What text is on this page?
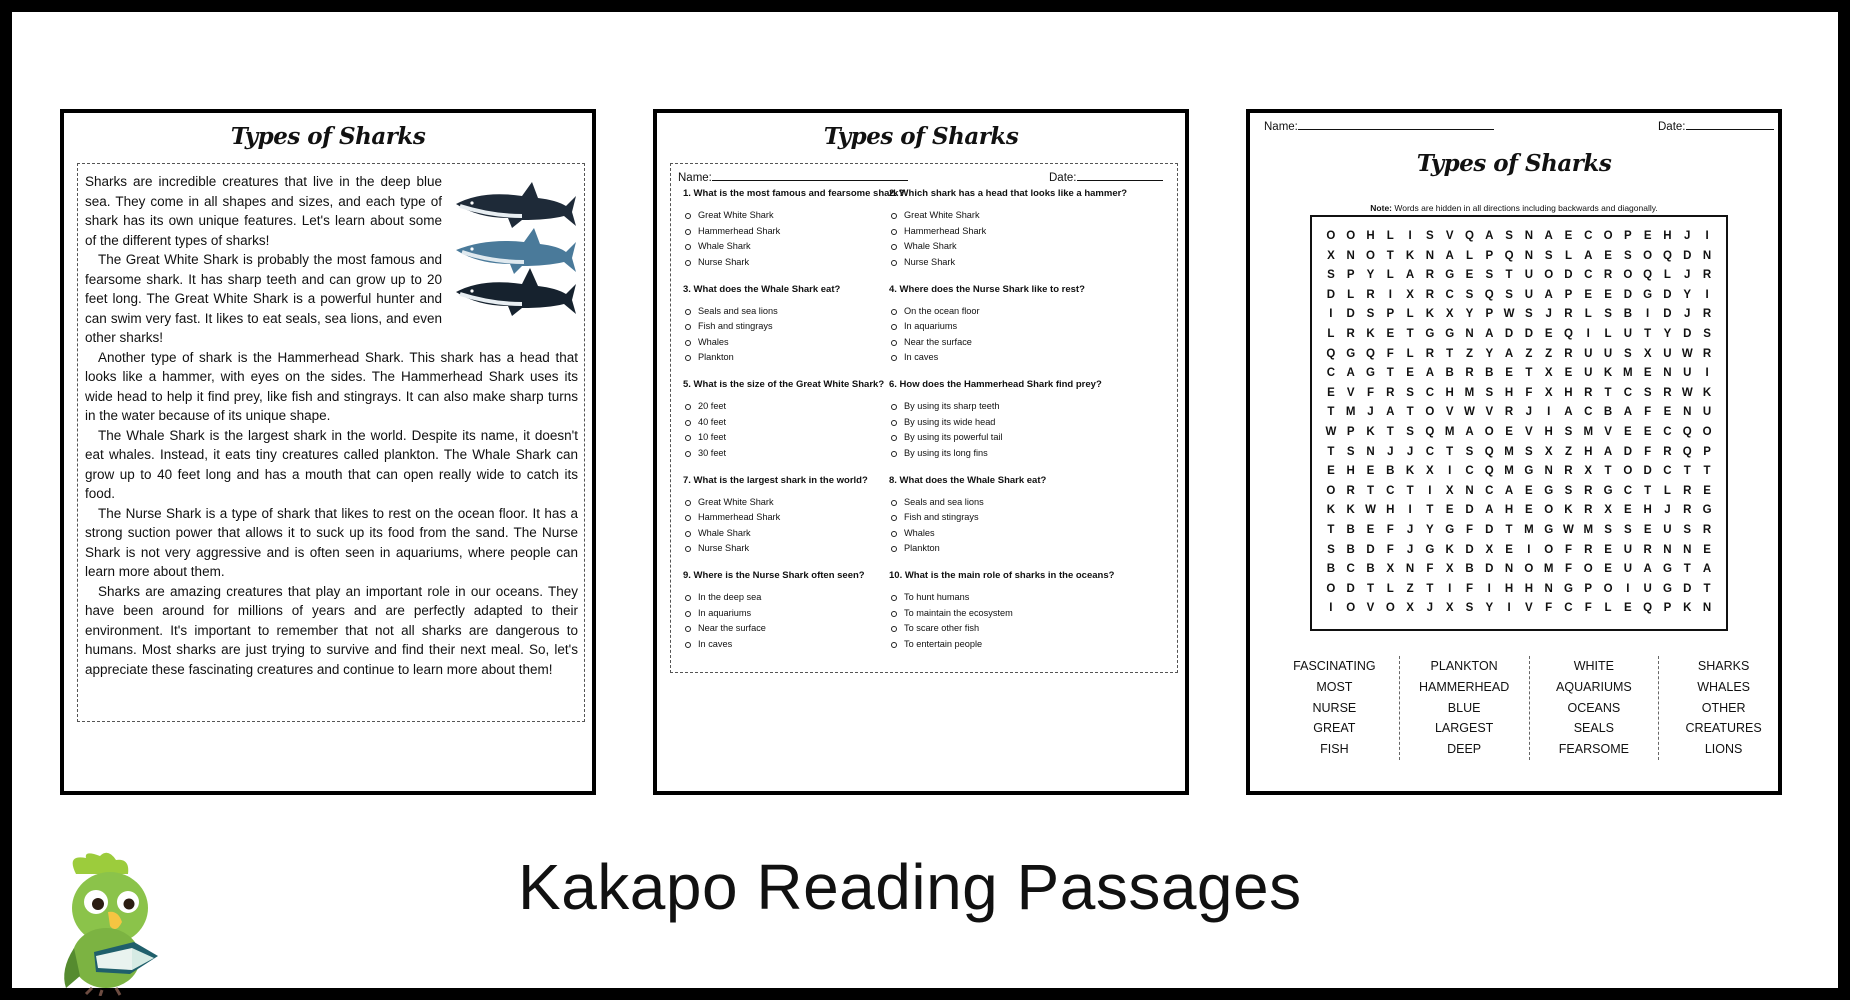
Types of Sharks

Sharks are incredible creatures that live in the deep blue sea. They come in all shapes and sizes, and each type of shark has its own unique features. Let's learn about some of the different types of sharks!

The Great White Shark is probably the most famous and fearsome shark. It has sharp teeth and can grow up to 20 feet long. The Great White Shark is a powerful hunter and can swim very fast. It likes to eat seals, sea lions, and even other sharks!

Another type of shark is the Hammerhead Shark. This shark has a head that looks like a hammer, with eyes on the sides. The Hammerhead Shark uses its wide head to help it find prey, like fish and stingrays. It can also make sharp turns in the water because of its unique shape.

The Whale Shark is the largest shark in the world. Despite its name, it doesn't eat whales. Instead, it eats tiny creatures called plankton. The Whale Shark can grow up to 40 feet long and has a mouth that can open really wide to catch its food.

The Nurse Shark is a type of shark that likes to rest on the ocean floor. It has a strong suction power that allows it to suck up its food from the sand. The Nurse Shark is not very aggressive and is often seen in aquariums, where people can learn more about them.

Sharks are amazing creatures that play an important role in our oceans. They have been around for millions of years and are perfectly adapted to their environment. It's important to remember that not all sharks are dangerous to humans. Most sharks are just trying to survive and find their next meal. So, let's appreciate these fascinating creatures and continue to learn more about them!

Types of Sharks
Name:	Date:
1. What is the most famous and fearsome shark?
Great White Shark
Hammerhead Shark
Whale Shark
Nurse Shark
2. Which shark has a head that looks like a hammer?
Great White Shark
Hammerhead Shark
Whale Shark
Nurse Shark
3. What does the Whale Shark eat?
Seals and sea lions
Fish and stingrays
Whales
Plankton
4. Where does the Nurse Shark like to rest?
On the ocean floor
In aquariums
Near the surface
In caves
5. What is the size of the Great White Shark?
20 feet
40 feet
10 feet
30 feet
6. How does the Hammerhead Shark find prey?
By using its sharp teeth
By using its wide head
By using its powerful tail
By using its long fins
7. What is the largest shark in the world?
Great White Shark
Hammerhead Shark
Whale Shark
Nurse Shark
8. What does the Whale Shark eat?
Seals and sea lions
Fish and stingrays
Whales
Plankton
9. Where is the Nurse Shark often seen?
In the deep sea
In aquariums
Near the surface
In caves
10. What is the main role of sharks in the oceans?
To hunt humans
To maintain the ecosystem
To scare other fish
To entertain people
Name:	Date:
Types of Sharks
Note: Words are hidden in all directions including backwards and diagonally.
O O H	L	I	S	V Q A	S	N A	E	C O P	E	H	J	I
X	N O	T	K N A	L	P Q N	S	L	A	E	S O Q D N
S	P	Y	L	A R G E	S	T	U O D C R O Q	L	J	R
D	L	R	I	X	R C	S Q S	U A	P	E	E	D G D	Y	I
I	D	S	P	L	K	X	Y	P W S	J	R	L	S	B	I	D	J	R
L	R K	E	T	G G N A D D	E Q	I	L	U	T	Y	D	S
Q G Q	F	L	R	T	Z	Y	A	Z	Z	R U U	S	X	U W R
C A G	T	E	A B R B	E	T	X	E	U K M E	N U	I
E	V	F	R	S	C H M S	H	F	X	H R	T	C	S	R W K
T M	J	A	T	O V W V	R	J	I	A C B A	F	E	N U
W P	K	T	S Q M A O E	V	H	S M V	E	E	C Q O
T	S	N	J	J	C	T	S Q M S	X	Z	H A D	F	R Q P
E	H	E	B K	X	I	C Q M G N R	X	T	O D C	T	T
O R	T	C	T	I	X	N C A	E G S	R G C	T	L	R	E
K K W H	I	T	E	D A H	E O K R	X	E	H	J	R G
T	B	E	F	J	Y G	F	D	T M G W M S	S	E	U	S	R
S	B D	F	J	G K D	X	E	I	O	F	R	E	U R N N	E
B C B	X	N	F	X	B D N O M F	O E	U A G	T	A
O D	T	L	Z	T	I	F	I	H H N G P O	I	U G D	T
I	O V O X	J	X	S	Y	I	V	F	C	F	L	E Q P	K N
FASCINATING
MOST
NURSE
GREAT
FISH
PLANKTON
HAMMERHEAD
BLUE
LARGEST
DEEP
WHITE
AQUARIUMS
OCEANS
SEALS
FEARSOME
SHARKS
WHALES
OTHER
CREATURES
LIONS
Kakapo Reading Passages
